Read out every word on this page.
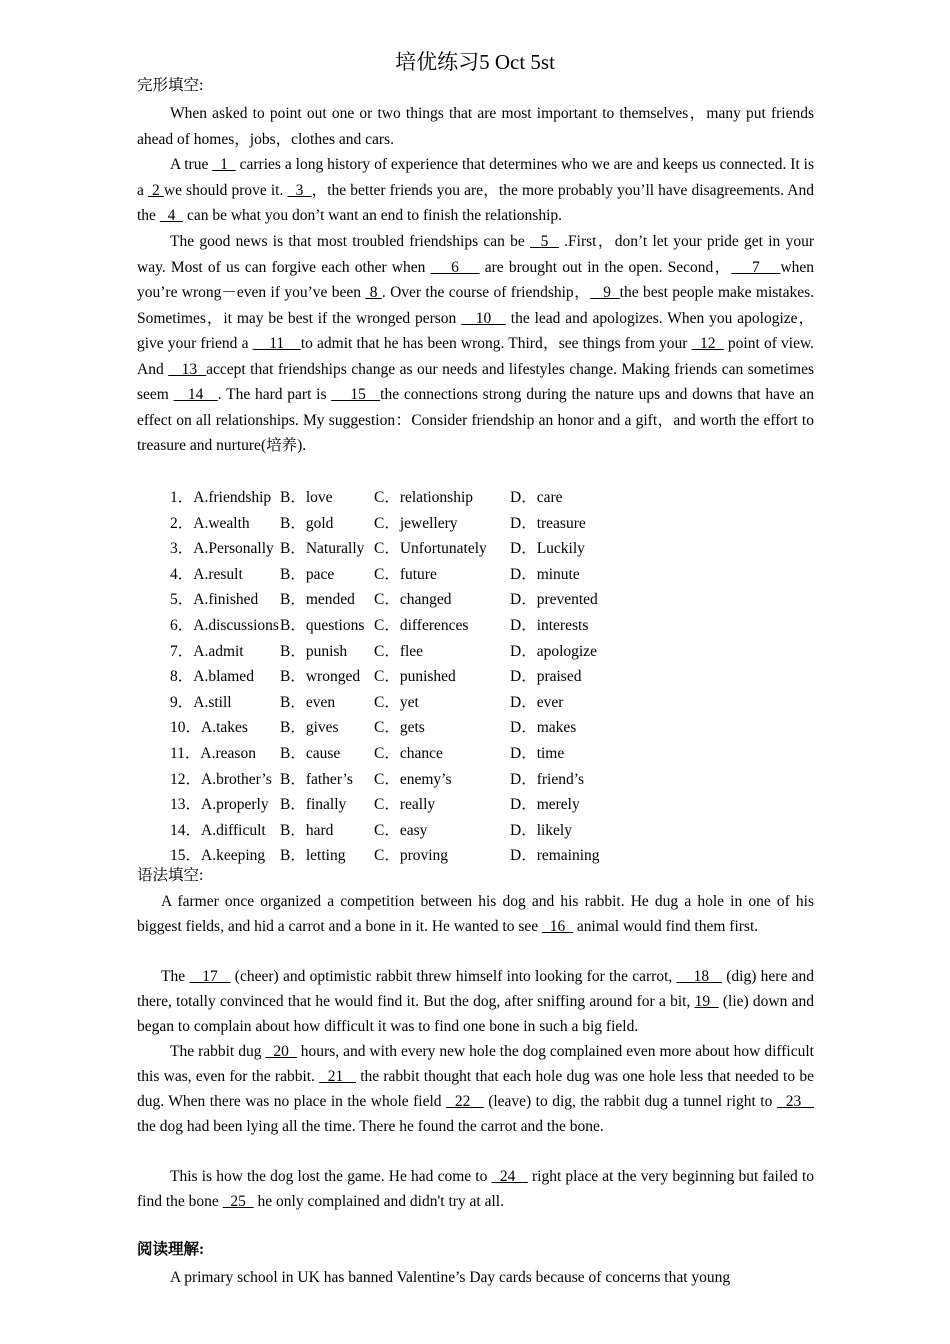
培优练习5 Oct 5st
完形填空:

When asked to point out one or two things that are most important to themselves，many put friends ahead of homes，jobs，clothes and cars.

A true   1   carries a long history of experience that determines who we are and keeps us connected. It is a  2 we should prove it.   3  ，the better friends you are，the more probably you’ll have disagreements. And the   4   can be what you don’t want an end to finish the relationship.

The good news is that most troubled friendships can be   5   .First，don’t let your pride get in your way. Most of us can forgive each other when     6     are brought out in the open. Second，    7    when you’re wrong－even if you’ve been  8 . Over the course of friendship，   9  the best people make mistakes. Sometimes，it may be best if the wronged person    10    the lead and apologizes. When you apologize，give your friend a     11    to admit that he has been wrong. Third，see things from your   12   point of view. And    13  accept that friendships change as our needs and lifestyles change. Making friends can sometimes seem    14   . The hard part is     15   the connections strong during the nature ups and downs that have an effect on all relationships. My suggestion：Consider friendship an honor and a gift，and worth the effort to treasure and nurture(培养).

1．A.friendship B．love	C．relationship D．care
2．A.wealth B．gold	C．jewellery	D．treasure
3．A.Personally B．Naturally C．Unfortunately D．Luckily
4．A.result B．pace	C．future	D．minute
5．A.finished B．mended C．changed	D．prevented
6．A.discussionsB．questions C．differences	D．interests
7．A.admit B．punish C．flee	D．apologize
8．A.blamed B．wronged C．punished	D．praised
9．A.still	B．even	C．yet	D．ever
10．A.takes B．gives C．gets	D．makes
11．A.reason B．cause C．chance	D．time
12．A.brother’s B．father’s C．enemy’s	D．friend’s
13．A.properly B．finally C．really	D．merely
14．A.difficult B．hard	C．easy	D．likely
15．A.keeping B．letting C．proving	D．remaining
语法填空:

A farmer once organized a competition between his dog and his rabbit. He dug a hole in one of his biggest fields, and hid a carrot and a bone in it. He wanted to see   16   animal would find them first.

The    17    (cheer) and optimistic rabbit threw himself into looking for the carrot,     18    (dig) here and there, totally convinced that he would find it. But the dog, after sniffing around for a bit, 19   (lie) down and began to complain about how difficult it was to find one bone in such a big field.

The rabbit dug   20   hours, and with every new hole the dog complained even more about how difficult this was, even for the rabbit.   21    the rabbit thought that each hole dug was one hole less that needed to be dug. When there was no place in the whole field   22    (leave) to dig, the rabbit dug a tunnel right to   23    the dog had been lying all the time. There he found the carrot and the bone.

This is how the dog lost the game. He had come to   24    right place at the very beginning but failed to find the bone   25   he only complained and didn't try at all.

阅读理解:

A primary school in UK has banned Valentine’s Day cards because of concerns that young
